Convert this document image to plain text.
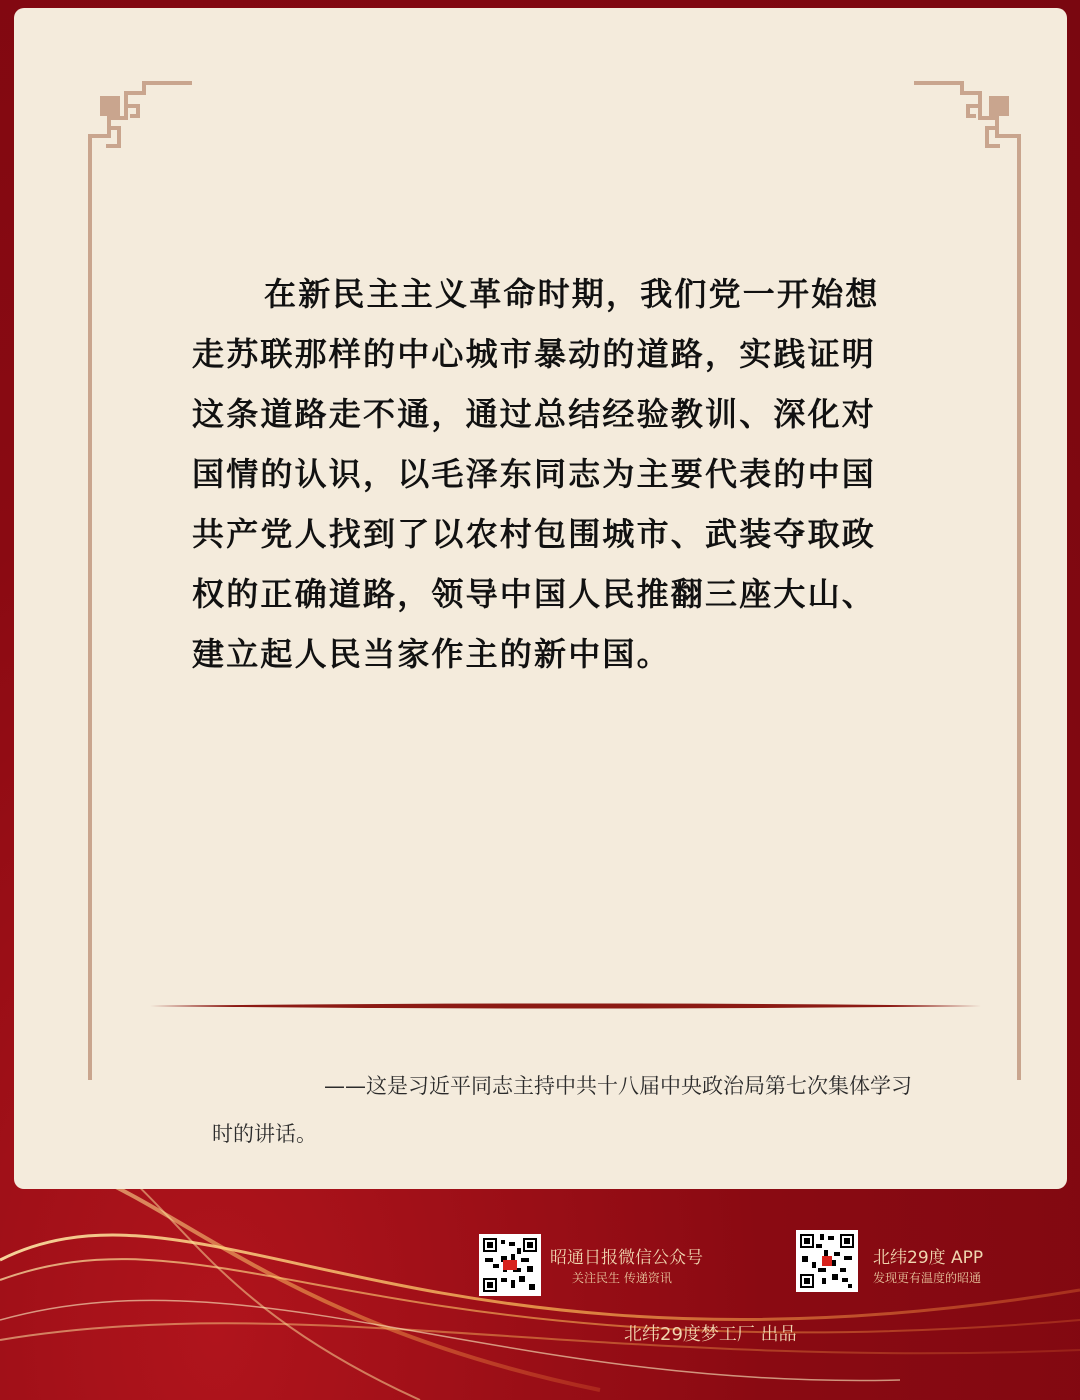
在新民主主义革命时期，我们党一开始想走苏联那样的中心城市暴动的道路，实践证明这条道路走不通，通过总结经验教训、深化对国情的认识，以毛泽东同志为主要代表的中国共产党人找到了以农村包围城市、武装夺取政权的正确道路，领导中国人民推翻三座大山、建立起人民当家作主的新中国。

——这是习近平同志主持中共十八届中央政治局第七次集体学习时的讲话。

昭通日报微信公众号
关注民生 传递资讯
北纬29度 APP
发现更有温度的昭通
北纬29度梦工厂 出品
